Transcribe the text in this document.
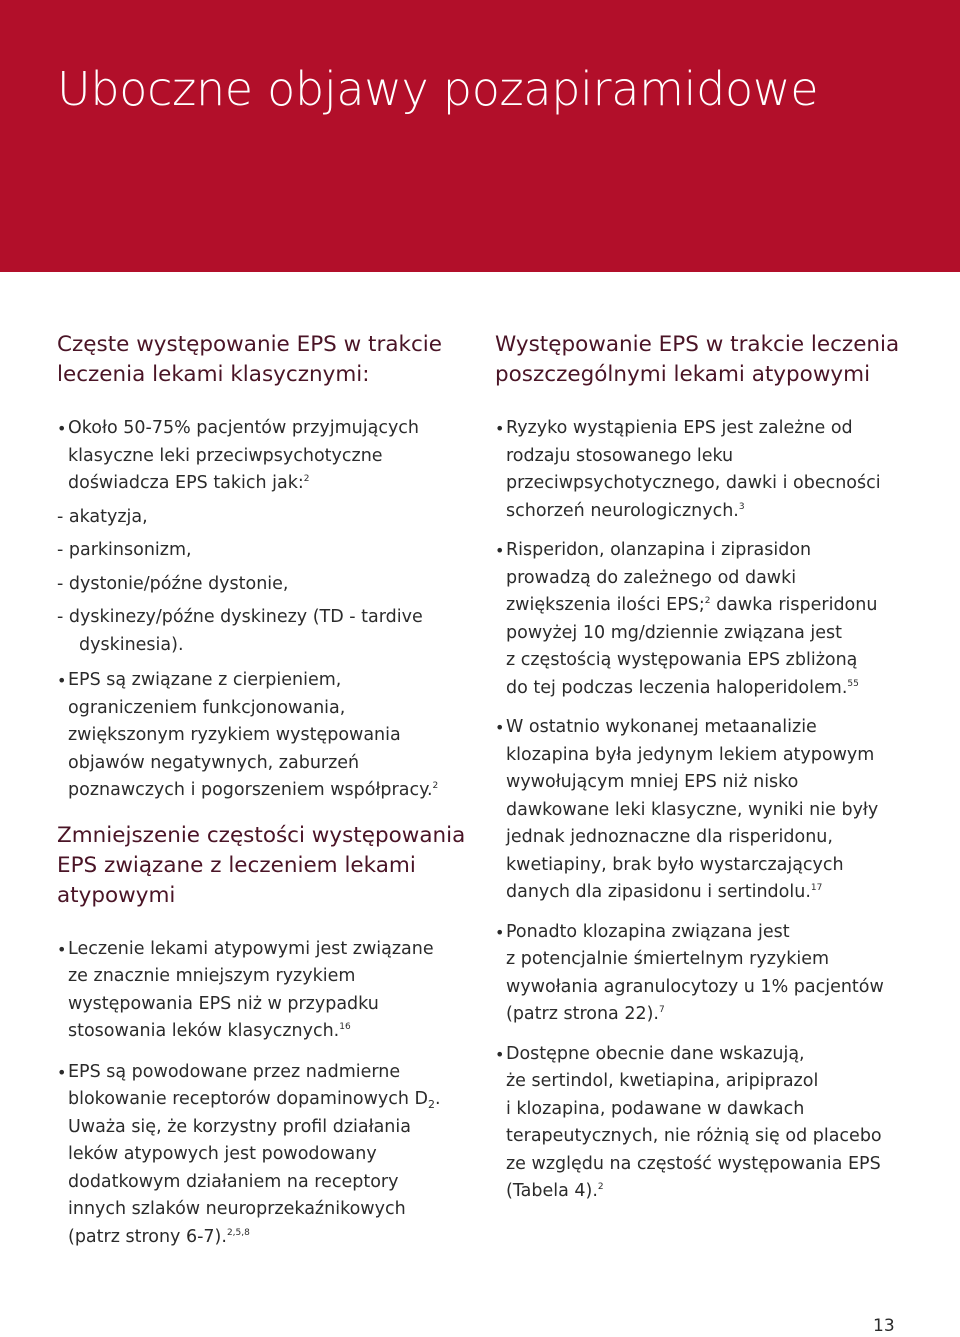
Uboczne objawy pozapiramidowe
Częste występowanie EPS w trakcie
leczenia lekami klasycznymi:
• Około 50-75% pacjentów przyjmujących
klasyczne leki przeciwpsychotyczne
doświadcza EPS takich jak:$^2$
- akatyzja,
- parkinsonizm,
- dystonie/późne dystonie,
- dyskinezy/późne dyskinezy (TD - tardive
dyskinesia).
• EPS są związane z cierpieniem,
ograniczeniem funkcjonowania,
zwiększonym ryzykiem występowania
objawów negatywnych, zaburzeń
poznawczych i pogorszeniem współpracy.$^2$
Zmniejszenie częstości występowania
EPS związane z leczeniem lekami
atypowymi
• Leczenie lekami atypowymi jest związane
ze znacznie mniejszym ryzykiem
występowania EPS niż w przypadku
stosowania leków klasycznych.$^{16}$
• EPS są powodowane przez nadmierne
blokowanie receptorów dopaminowych $D_2$.
Uważa się, że korzystny profil działania
leków atypowych jest powodowany
dodatkowym działaniem na receptory
innych szlaków neuroprzekaźnikowych
(patrz strony 6-7).$^{2,5,8}$
Występowanie EPS w trakcie leczenia
poszczególnymi lekami atypowymi
• Ryzyko wystąpienia EPS jest zależne od
rodzaju stosowanego leku
przeciwpsychotycznego, dawki i obecności
schorzeń neurologicznych.$^3$
• Risperidon, olanzapina i ziprasidon
prowadzą do zależnego od dawki
zwiększenia ilości EPS;$^2$ dawka risperidonu
powyżej 10 mg/dziennie związana jest
z częstością występowania EPS zbliżoną
do tej podczas leczenia haloperidolem.$^{55}$
• W ostatnio wykonanej metaanalizie
klozapina była jedynym lekiem atypowym
wywołującym mniej EPS niż nisko
dawkowane leki klasyczne, wyniki nie były
jednak jednoznaczne dla risperidonu,
kwetiapiny, brak było wystarczających
danych dla zipasidonu i sertindolu.$^{17}$
• Ponadto klozapina związana jest
z potencjalnie śmiertelnym ryzykiem
wywołania agranulocytozy u 1% pacjentów
(patrz strona 22).$^7$
• Dostępne obecnie dane wskazują,
że sertindol, kwetiapina, aripiprazol
i klozapina, podawane w dawkach
terapeutycznych, nie różnią się od placebo
ze względu na częstość występowania EPS
(Tabela 4).$^2$
13
